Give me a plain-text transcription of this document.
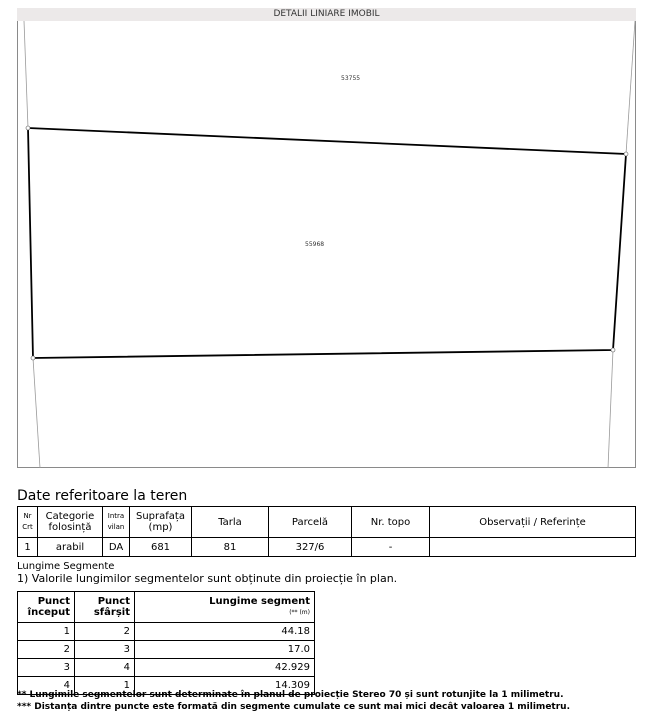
DETALII LINIARE IMOBIL
53755
55968
Date referitoare la teren
Nr Crt	Categorie folosință	Intra vilan	Suprafața (mp)	Tarla	Parcelă	Nr. topo	Observații / Referințe
1	arabil	DA	681	81	327/6	-	
Lungime Segmente
1) Valorile lungimilor segmentelor sunt obținute din proiecție în plan.
Punct început	Punct sfârșit	Lungime segment
(** (m)

1	2	44.18
2	3	17.0
3	4	42.929
4	1	14.309
** Lungimile segmentelor sunt determinate în planul de proiecție Stereo 70 și sunt rotunjite la 1 milimetru.
*** Distanța dintre puncte este formată din segmente cumulate ce sunt mai mici decât valoarea 1 milimetru.
